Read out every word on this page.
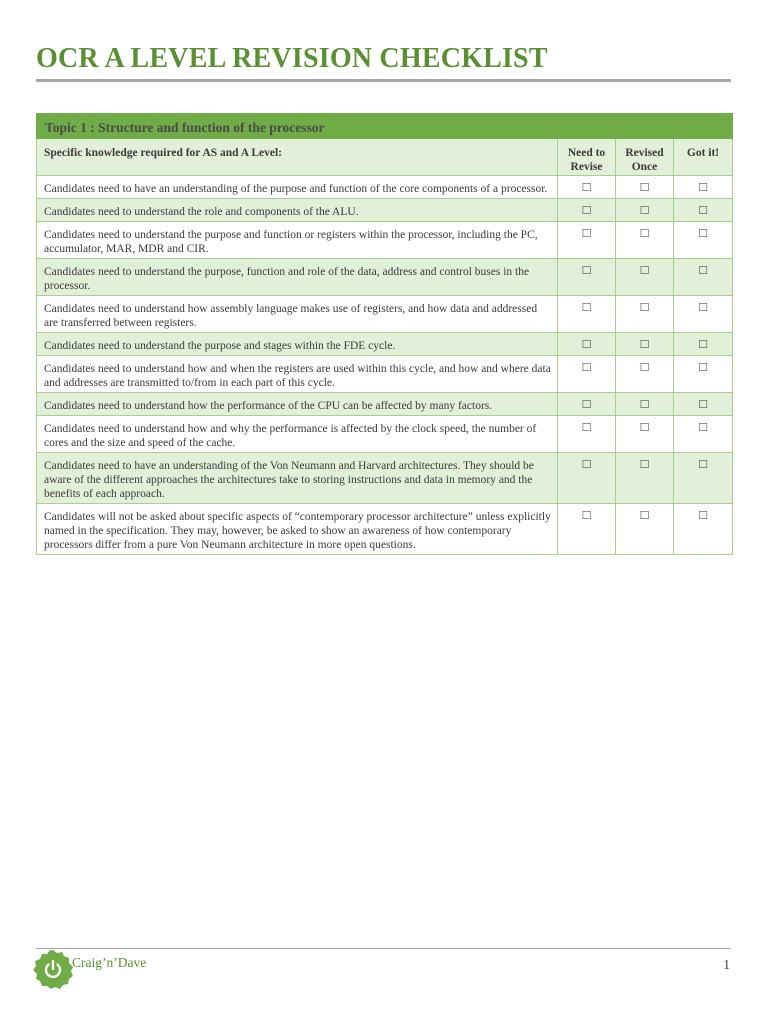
OCR A LEVEL REVISION CHECKLIST
Topic 1 : Structure and function of the processor			
Specific knowledge required for AS and A Level:	Need to Revise	Revised Once	Got it!
Candidates need to have an understanding of the purpose and function of the core components of a processor.	☐	☐	☐
Candidates need to understand the role and components of the ALU.	☐	☐	☐
Candidates need to understand the purpose and function or registers within the processor, including the PC, accumulator, MAR, MDR and CIR.	☐	☐	☐
Candidates need to understand the purpose, function and role of the data, address and control buses in the processor.	☐	☐	☐
Candidates need to understand how assembly language makes use of registers, and how data and addressed are transferred between registers.	☐	☐	☐
Candidates need to understand the purpose and stages within the FDE cycle.	☐	☐	☐
Candidates need to understand how and when the registers are used within this cycle, and how and where data and addresses are transmitted to/from in each part of this cycle.	☐	☐	☐
Candidates need to understand how the performance of the CPU can be affected by many factors.	☐	☐	☐
Candidates need to understand how and why the performance is affected by the clock speed, the number of cores and the size and speed of the cache.	☐	☐	☐
Candidates need to have an understanding of the Von Neumann and Harvard architectures. They should be aware of the different approaches the architectures take to storing instructions and data in memory and the benefits of each approach.	☐	☐	☐
Candidates will not be asked about specific aspects of “contemporary processor architecture” unless explicitly named in the specification. They may, however, be asked to show an awareness of how contemporary processors differ from a pure Von Neumann architecture in more open questions.	☐	☐	☐
Craig’n’Dave	1
